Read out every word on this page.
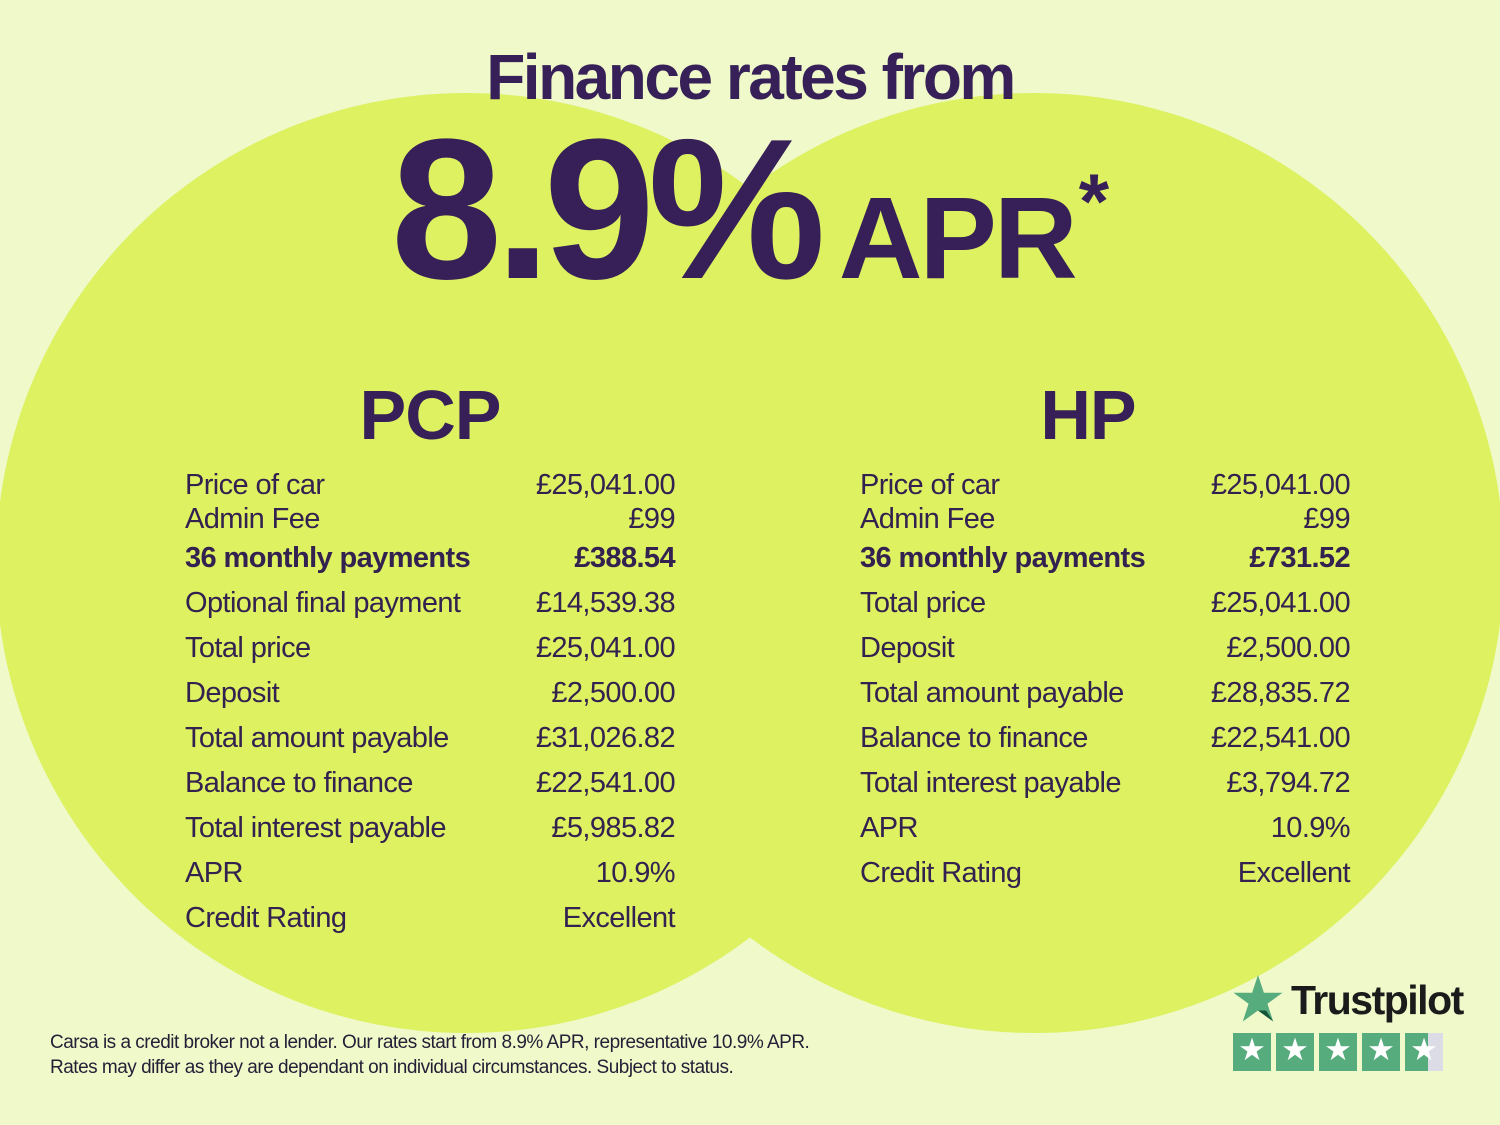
Finance rates from
8.9% APR *
PCP
Price of car	£25,041.00
Admin Fee	£99
36 monthly payments	£388.54
Optional final payment	£14,539.38
Total price	£25,041.00
Deposit	£2,500.00
Total amount payable	£31,026.82
Balance to finance	£22,541.00
Total interest payable	£5,985.82
APR	10.9%
Credit Rating	Excellent
HP
Price of car	£25,041.00
Admin Fee	£99
36 monthly payments	£731.52
Total price	£25,041.00
Deposit	£2,500.00
Total amount payable	£28,835.72
Balance to finance	£22,541.00
Total interest payable	£3,794.72
APR	10.9%
Credit Rating	Excellent
Carsa is a credit broker not a lender. Our rates start from 8.9% APR, representative 10.9% APR.
Rates may differ as they are dependant on individual circumstances. Subject to status.
Trustpilot
★ ★ ★ ★ ★
